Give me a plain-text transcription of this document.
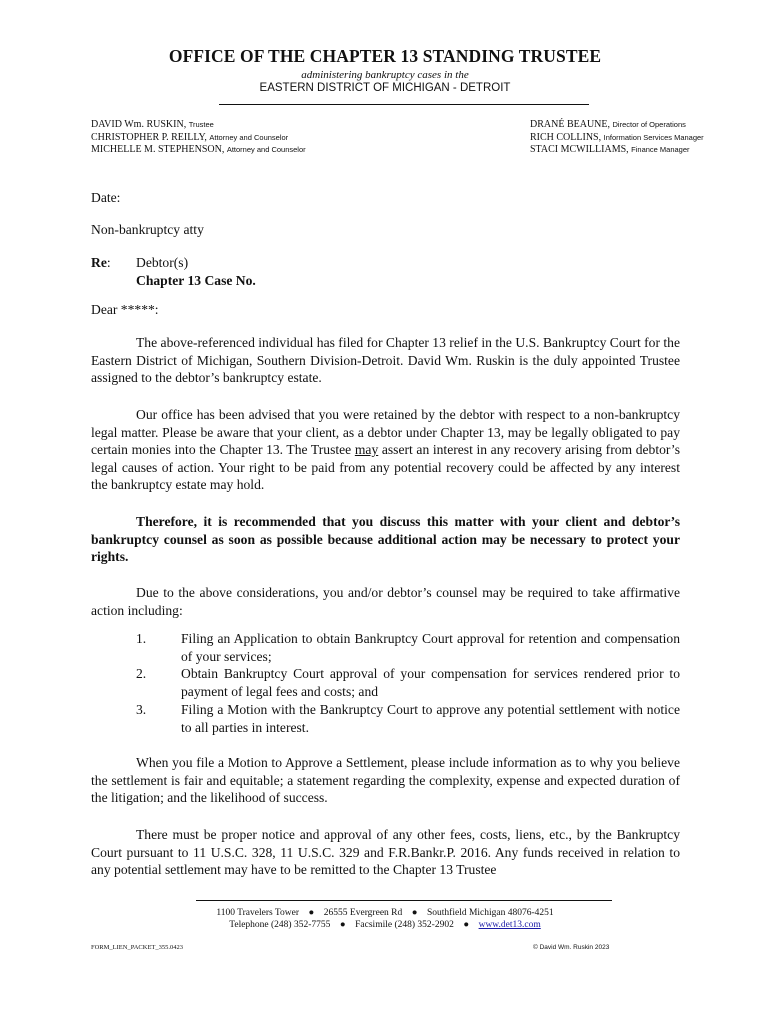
OFFICE OF THE CHAPTER 13 STANDING TRUSTEE
administering bankruptcy cases in the
EASTERN DISTRICT OF MICHIGAN - DETROIT
DAVID Wm. RUSKIN, Trustee
CHRISTOPHER P. REILLY, Attorney and Counselor
MICHELLE M. STEPHENSON, Attorney and Counselor
DRANÉ BEAUNE, Director of Operations
RICH COLLINS, Information Services Manager
STACI MCWILLIAMS, Finance Manager
Date:
Non-bankruptcy atty
Re: Debtor(s)
Chapter 13 Case No.
Dear *****:
The above-referenced individual has filed for Chapter 13 relief in the U.S. Bankruptcy Court for the Eastern District of Michigan, Southern Division-Detroit. David Wm. Ruskin is the duly appointed Trustee assigned to the debtor’s bankruptcy estate.
Our office has been advised that you were retained by the debtor with respect to a non-bankruptcy legal matter. Please be aware that your client, as a debtor under Chapter 13, may be legally obligated to pay certain monies into the Chapter 13. The Trustee may assert an interest in any recovery arising from debtor’s legal causes of action. Your right to be paid from any potential recovery could be affected by any interest the bankruptcy estate may hold.
Therefore, it is recommended that you discuss this matter with your client and debtor’s bankruptcy counsel as soon as possible because additional action may be necessary to protect your rights.
Due to the above considerations, you and/or debtor’s counsel may be required to take affirmative action including:
1.	Filing an Application to obtain Bankruptcy Court approval for retention and compensation of your services;
2.	Obtain Bankruptcy Court approval of your compensation for services rendered prior to payment of legal fees and costs; and
3.	Filing a Motion with the Bankruptcy Court to approve any potential settlement with notice to all parties in interest.
When you file a Motion to Approve a Settlement, please include information as to why you believe the settlement is fair and equitable; a statement regarding the complexity, expense and expected duration of the litigation; and the likelihood of success.
There must be proper notice and approval of any other fees, costs, liens, etc., by the Bankruptcy Court pursuant to 11 U.S.C. 328, 11 U.S.C. 329 and F.R.Bankr.P. 2016. Any funds received in relation to any potential settlement may have to be remitted to the Chapter 13 Trustee
1100 Travelers Tower ● 26555 Evergreen Rd ● Southfield Michigan 48076-4251
Telephone (248) 352-7755 ● Facsimile (248) 352-2902 ● www.det13.com
FORM_LIEN_PACKET_355.0423	© David Wm. Ruskin 2023
